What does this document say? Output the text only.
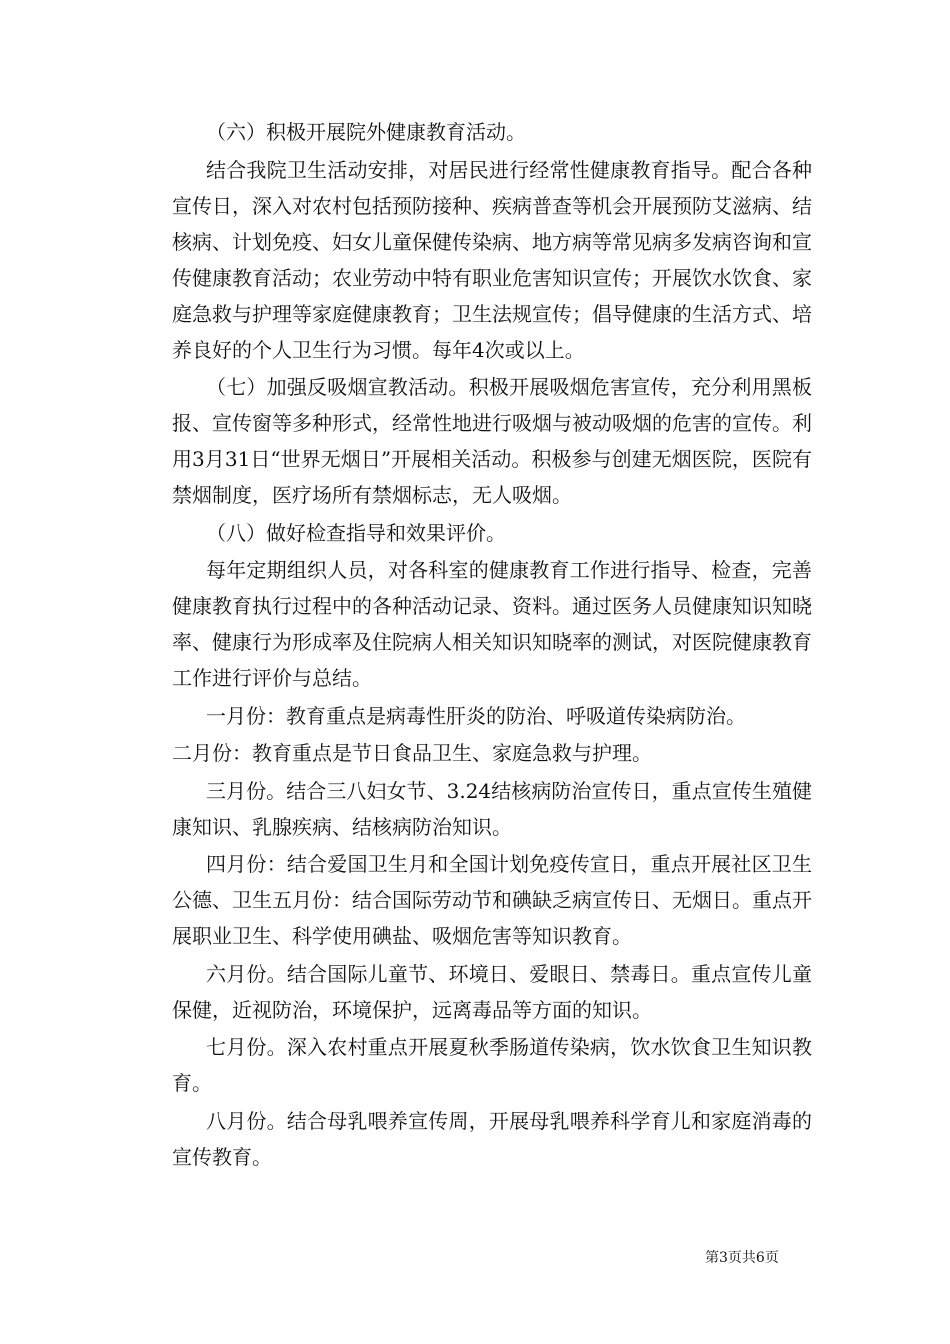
（六）积极开展院外健康教育活动。

结合我院卫生活动安排，对居民进行经常性健康教育指导。配合各种宣传日，深入对农村包括预防接种、疾病普查等机会开展预防艾滋病、结核病、计划免疫、妇女儿童保健传染病、地方病等常见病多发病咨询和宣传健康教育活动；农业劳动中特有职业危害知识宣传；开展饮水饮食、家庭急救与护理等家庭健康教育；卫生法规宣传；倡导健康的生活方式、培养良好的个人卫生行为习惯。每年4次或以上。

（七）加强反吸烟宣教活动。积极开展吸烟危害宣传，充分利用黑板报、宣传窗等多种形式，经常性地进行吸烟与被动吸烟的危害的宣传。利用3月31日“世界无烟日”开展相关活动。积极参与创建无烟医院，医院有禁烟制度，医疗场所有禁烟标志，无人吸烟。

（八）做好检查指导和效果评价。

每年定期组织人员，对各科室的健康教育工作进行指导、检查，完善健康教育执行过程中的各种活动记录、资料。通过医务人员健康知识知晓率、健康行为形成率及住院病人相关知识知晓率的测试，对医院健康教育工作进行评价与总结。

一月份：教育重点是病毒性肝炎的防治、呼吸道传染病防治。

二月份：教育重点是节日食品卫生、家庭急救与护理。

三月份。结合三八妇女节、3.24结核病防治宣传日，重点宣传生殖健康知识、乳腺疾病、结核病防治知识。

四月份：结合爱国卫生月和全国计划免疫传宣日，重点开展社区卫生公德、卫生五月份：结合国际劳动节和碘缺乏病宣传日、无烟日。重点开展职业卫生、科学使用碘盐、吸烟危害等知识教育。

六月份。结合国际儿童节、环境日、爱眼日、禁毒日。重点宣传儿童保健，近视防治，环境保护，远离毒品等方面的知识。

七月份。深入农村重点开展夏秋季肠道传染病，饮水饮食卫生知识教育。

八月份。结合母乳喂养宣传周，开展母乳喂养科学育儿和家庭消毒的宣传教育。

第3页共6页
